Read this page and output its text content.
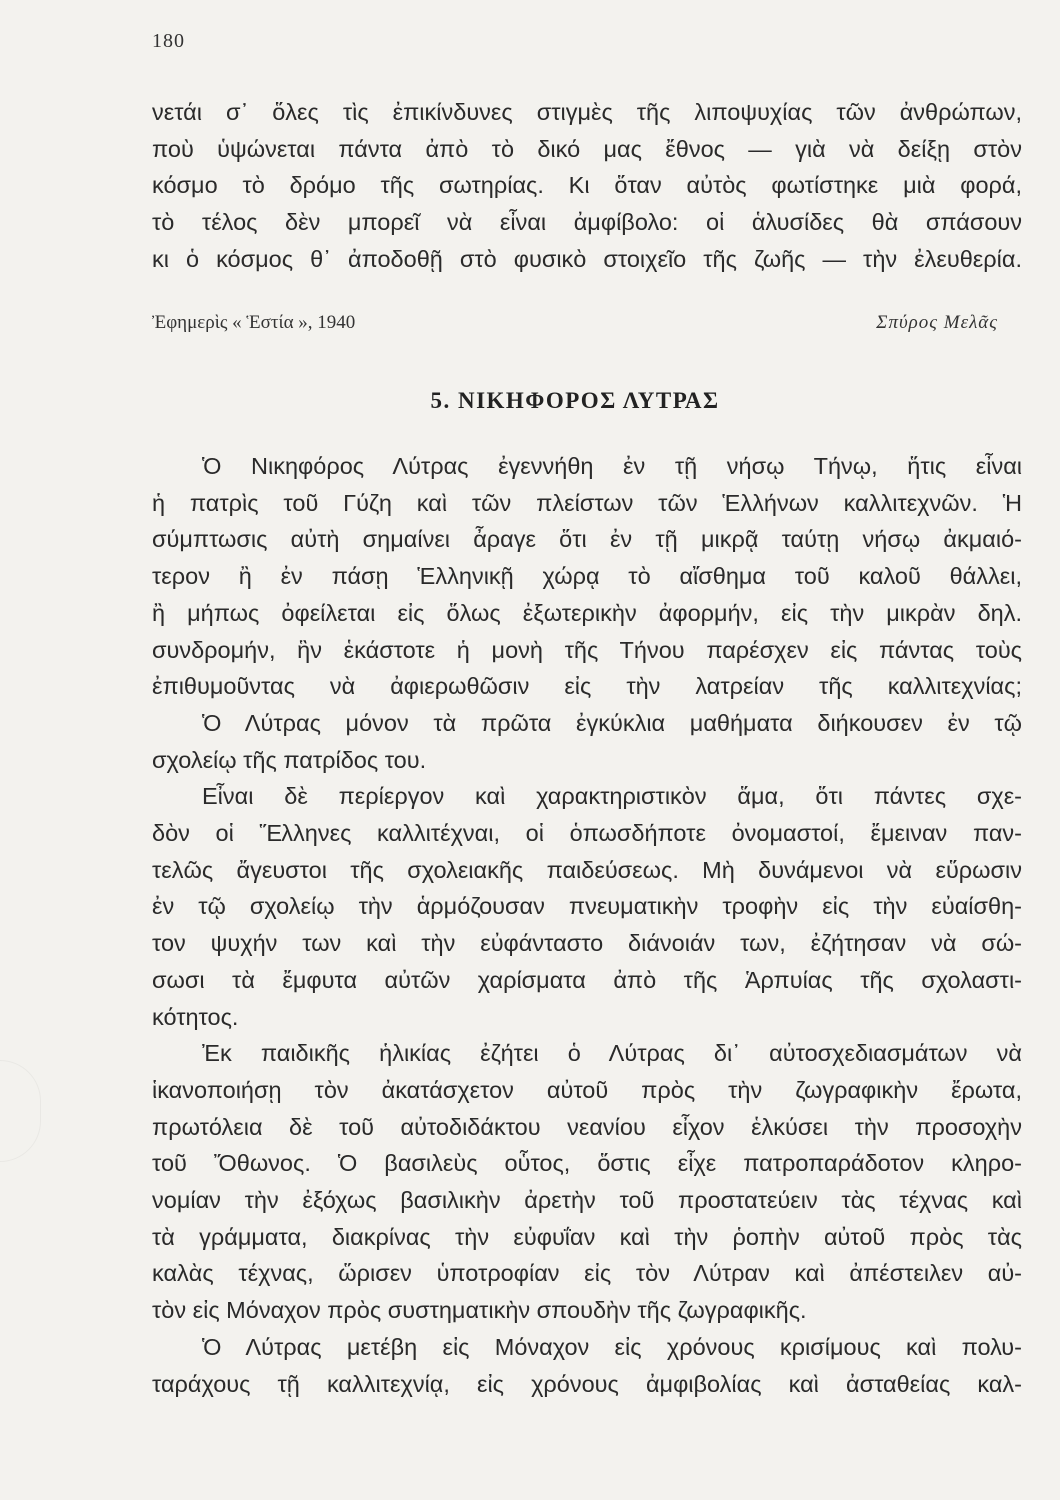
180
νετάι σ᾿ ὅλες τὶς ἐπικίνδυνες στιγμὲς τῆς λιποψυχίας τῶν ἀνθρώπων,
ποὺ ὑψώνεται πάντα ἀπὸ τὸ δικό μας ἔθνος — γιὰ νὰ δείξῃ στὸν
κόσμο τὸ δρόμο τῆς σωτηρίας. Κι ὅταν αὐτὸς φωτίστηκε μιὰ φορά,
τὸ τέλος δὲν μπορεῖ νὰ εἶναι ἀμφίβολο: οἱ ἁλυσίδες θὰ σπάσουν
κι ὁ κόσμος θ᾿ ἀποδοθῇ στὸ φυσικὸ στοιχεῖο τῆς ζωῆς — τὴν ἐλευθερία.
Ἐφημερὶς « Ἑστία », 1940	Σπύρος Μελᾶς
5. ΝΙΚΗΦΟΡΟΣ ΛΥΤΡΑΣ
Ὁ Νικηφόρος Λύτρας ἐγεννήθη ἐν τῇ νήσῳ Τήνῳ, ἥτις εἶναι
ἡ πατρὶς τοῦ Γύζη καὶ τῶν πλείστων τῶν Ἑλλήνων καλλιτεχνῶν. Ἡ
σύμπτωσις αὐτὴ σημαίνει ἆραγε ὅτι ἐν τῇ μικρᾷ ταύτῃ νήσῳ ἀκμαιό-
τερον ἢ ἐν πάσῃ Ἑλληνικῇ χώρᾳ τὸ αἴσθημα τοῦ καλοῦ θάλλει,
ἢ μήπως ὀφείλεται εἰς ὅλως ἐξωτερικὴν ἀφορμήν, εἰς τὴν μικρὰν δηλ.
συνδρομήν, ἣν ἑκάστοτε ἡ μονὴ τῆς Τήνου παρέσχεν εἰς πάντας τοὺς
ἐπιθυμοῦντας νὰ ἀφιερωθῶσιν εἰς τὴν λατρείαν τῆς καλλιτεχνίας;
Ὁ Λύτρας μόνον τὰ πρῶτα ἐγκύκλια μαθήματα διήκουσεν ἐν τῷ
σχολείῳ τῆς πατρίδος του.
Εἶναι δὲ περίεργον καὶ χαρακτηριστικὸν ἅμα, ὅτι πάντες σχε-
δὸν οἱ Ἕλληνες καλλιτέχναι, οἱ ὁπωσδήποτε ὀνομαστοί, ἔμειναν παν-
τελῶς ἄγευστοι τῆς σχολειακῆς παιδεύσεως. Μὴ δυνάμενοι νὰ εὕρωσιν
ἐν τῷ σχολείῳ τὴν ἁρμόζουσαν πνευματικὴν τροφὴν εἰς τὴν εὐαίσθη-
τον ψυχήν των καὶ τὴν εὐφάνταστο διάνοιάν των, ἐζήτησαν νὰ σώ-
σωσι τὰ ἔμφυτα αὐτῶν χαρίσματα ἀπὸ τῆς Ἁρπυίας τῆς σχολαστι-
κότητος.
Ἐκ παιδικῆς ἡλικίας ἐζήτει ὁ Λύτρας δι᾿ αὐτοσχεδιασμάτων νὰ
ἱκανοποιήσῃ τὸν ἀκατάσχετον αὐτοῦ πρὸς τὴν ζωγραφικὴν ἔρωτα,
πρωτόλεια δὲ τοῦ αὐτοδιδάκτου νεανίου εἶχον ἑλκύσει τὴν προσοχὴν
τοῦ Ὄθωνος. Ὁ βασιλεὺς οὗτος, ὅστις εἶχε πατροπαράδοτον κληρο-
νομίαν τὴν ἐξόχως βασιλικὴν ἀρετὴν τοῦ προστατεύειν τὰς τέχνας καὶ
τὰ γράμματα, διακρίνας τὴν εὐφυΐαν καὶ τὴν ῥοπὴν αὐτοῦ πρὸς τὰς
καλὰς τέχνας, ὥρισεν ὑποτροφίαν εἰς τὸν Λύτραν καὶ ἀπέστειλεν αὐ-
τὸν εἰς Μόναχον πρὸς συστηματικὴν σπουδὴν τῆς ζωγραφικῆς.
Ὁ Λύτρας μετέβη εἰς Μόναχον εἰς χρόνους κρισίμους καὶ πολυ-
ταράχους τῇ καλλιτεχνίᾳ, εἰς χρόνους ἀμφιβολίας καὶ ἀσταθείας καλ-
